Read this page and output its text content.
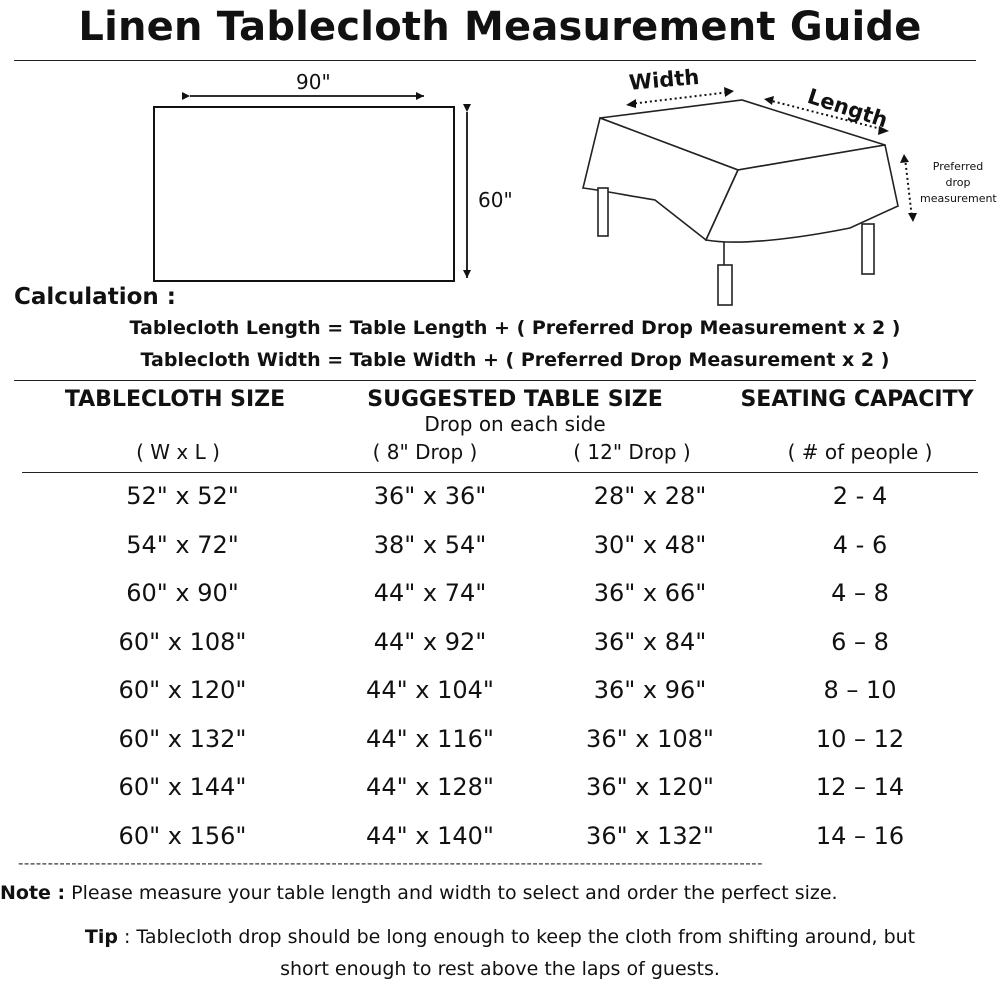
Linen Tablecloth Measurement Guide
90"
60"
Width
Length
Preferred
drop
measurement
Calculation :
Tablecloth Length = Table Length + ( Preferred Drop Measurement x 2 )
Tablecloth Width = Table Width + ( Preferred Drop Measurement x 2 )
TABLECLOTH SIZE	SUGGESTED TABLE SIZE	SEATING CAPACITY
Drop on each side
( W x L )	( 8" Drop )	( 12" Drop )	( # of people )
52" x 52"	36" x 36"	28" x 28"	2 - 4
54" x 72"	38" x 54"	30" x 48"	4 - 6
60" x 90"	44" x 74"	36" x 66"	4 – 8
60" x 108"	44" x 92"	36" x 84"	6 – 8
60" x 120"	44" x 104"	36" x 96"	8 – 10
60" x 132"	44" x 116"	36" x 108"	10 – 12
60" x 144"	44" x 128"	36" x 120"	12 – 14
60" x 156"	44" x 140"	36" x 132"	14 – 16
------------------------------------------------------------------------------------------------------------------------------
Note : Please measure your table length and width to select and order the perfect size.
Tip : Tablecloth drop should be long enough to keep the cloth from shifting around, but
short enough to rest above the laps of guests.
